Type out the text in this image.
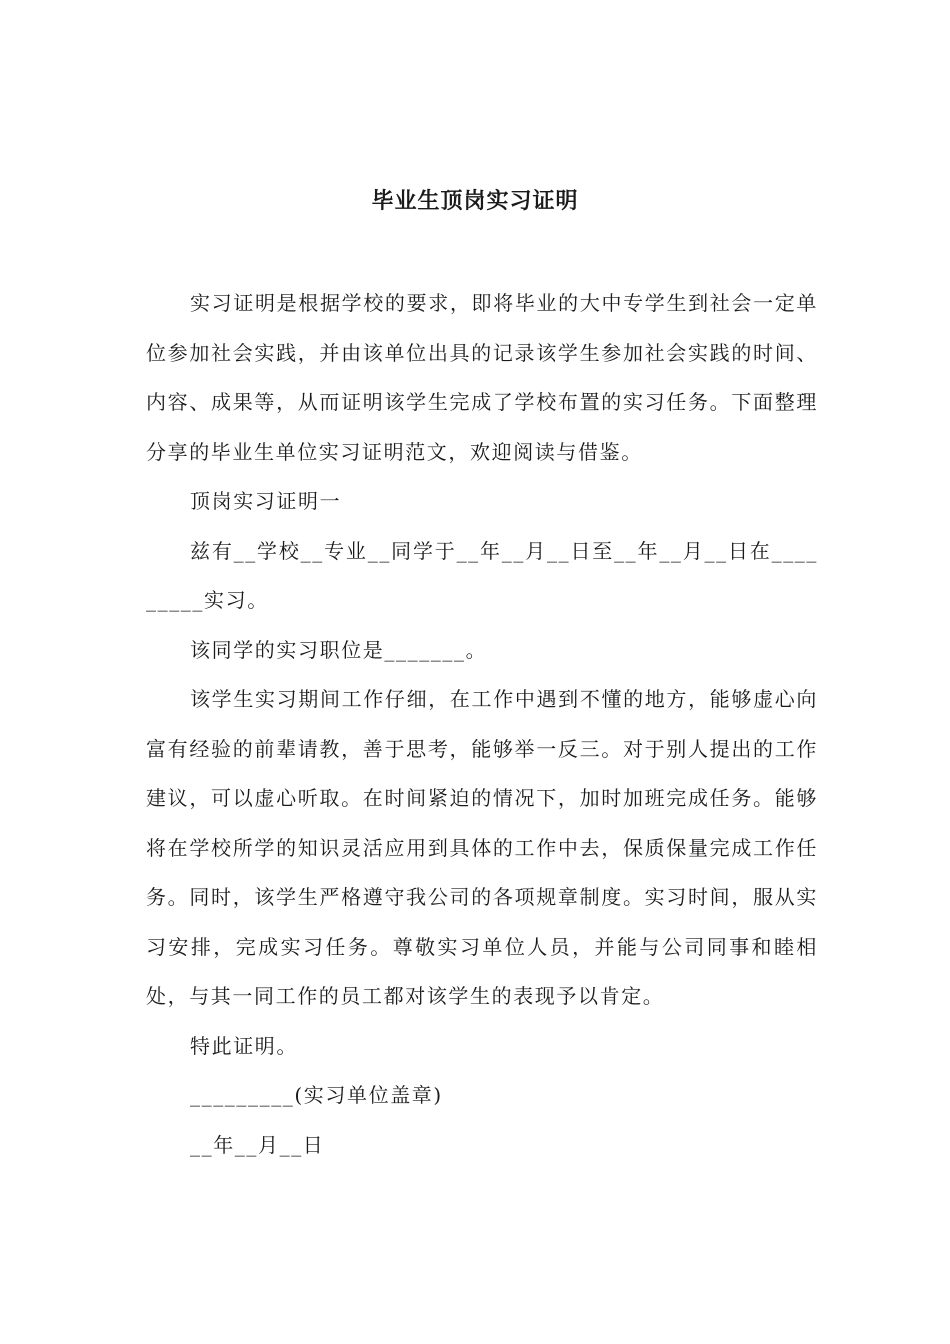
毕业生顶岗实习证明

实习证明是根据学校的要求，即将毕业的大中专学生到社会一定单位参加社会实践，并由该单位出具的记录该学生参加社会实践的时间、内容、成果等，从而证明该学生完成了学校布置的实习任务。下面整理分享的毕业生单位实习证明范文，欢迎阅读与借鉴。

顶岗实习证明一

兹有__学校__专业__同学于__年__月__日至__年__月__日在_________实习。

该同学的实习职位是_______。

该学生实习期间工作仔细，在工作中遇到不懂的地方，能够虚心向富有经验的前辈请教，善于思考，能够举一反三。对于别人提出的工作建议，可以虚心听取。在时间紧迫的情况下，加时加班完成任务。能够将在学校所学的知识灵活应用到具体的工作中去，保质保量完成工作任务。同时，该学生严格遵守我公司的各项规章制度。实习时间，服从实习安排，完成实习任务。尊敬实习单位人员，并能与公司同事和睦相处，与其一同工作的员工都对该学生的表现予以肯定。

特此证明。

_________(实习单位盖章)

__年__月__日
